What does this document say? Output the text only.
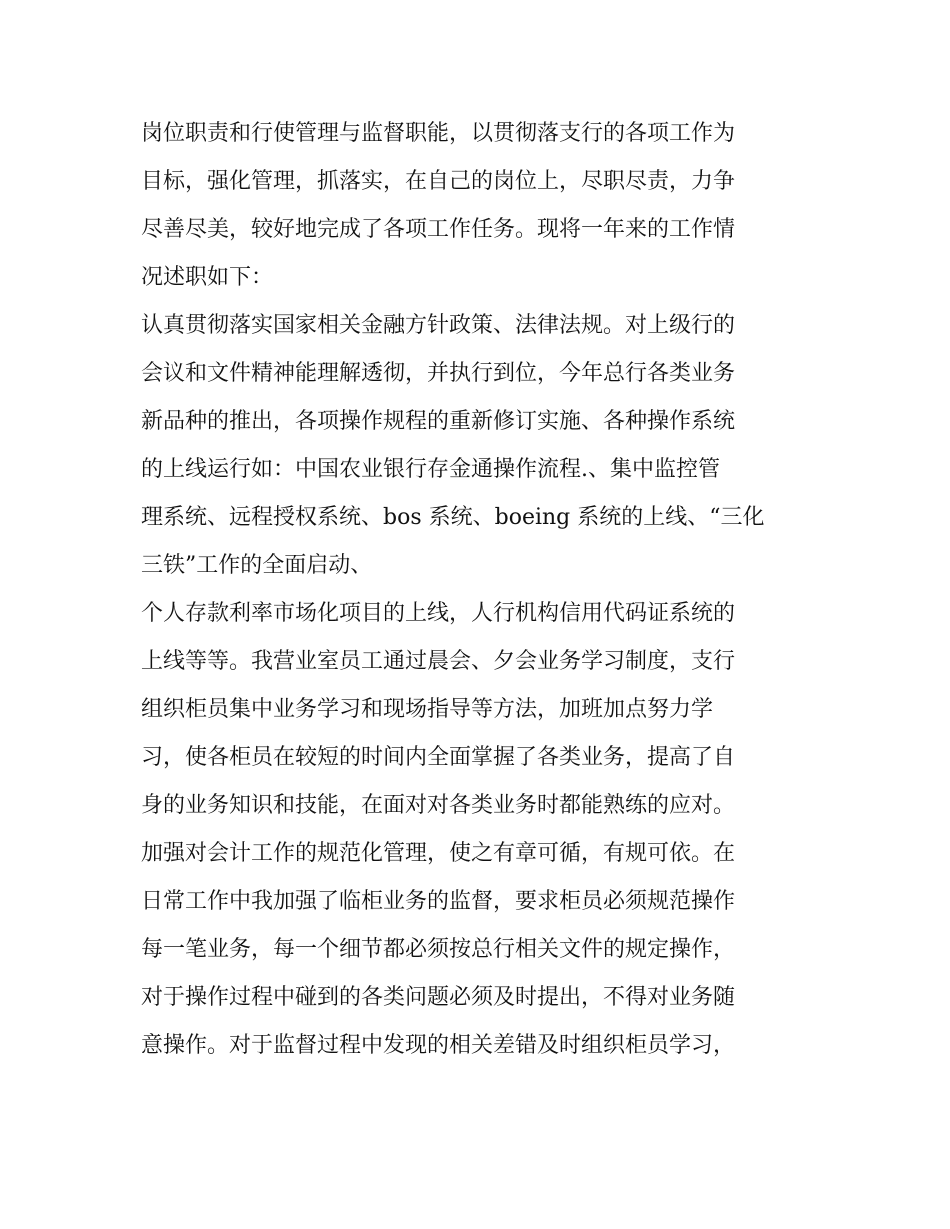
岗位职责和行使管理与监督职能，以贯彻落支行的各项工作为
目标，强化管理，抓落实，在自己的岗位上，尽职尽责，力争
尽善尽美，较好地完成了各项工作任务。现将一年来的工作情
况述职如下：
认真贯彻落实国家相关金融方针政策、法律法规。对上级行的
会议和文件精神能理解透彻，并执行到位，今年总行各类业务
新品种的推出，各项操作规程的重新修订实施、各种操作系统
的上线运行如：中国农业银行存金通操作流程.、集中监控管
理系统、远程授权系统、bos 系统、boeing 系统的上线、“三化
三铁”工作的全面启动、
个人存款利率市场化项目的上线，人行机构信用代码证系统的
上线等等。我营业室员工通过晨会、夕会业务学习制度，支行
组织柜员集中业务学习和现场指导等方法，加班加点努力学
习，使各柜员在较短的时间内全面掌握了各类业务，提高了自
身的业务知识和技能，在面对对各类业务时都能熟练的应对。
加强对会计工作的规范化管理，使之有章可循，有规可依。在
日常工作中我加强了临柜业务的监督，要求柜员必须规范操作
每一笔业务，每一个细节都必须按总行相关文件的规定操作，
对于操作过程中碰到的各类问题必须及时提出，不得对业务随
意操作。对于监督过程中发现的相关差错及时组织柜员学习，
